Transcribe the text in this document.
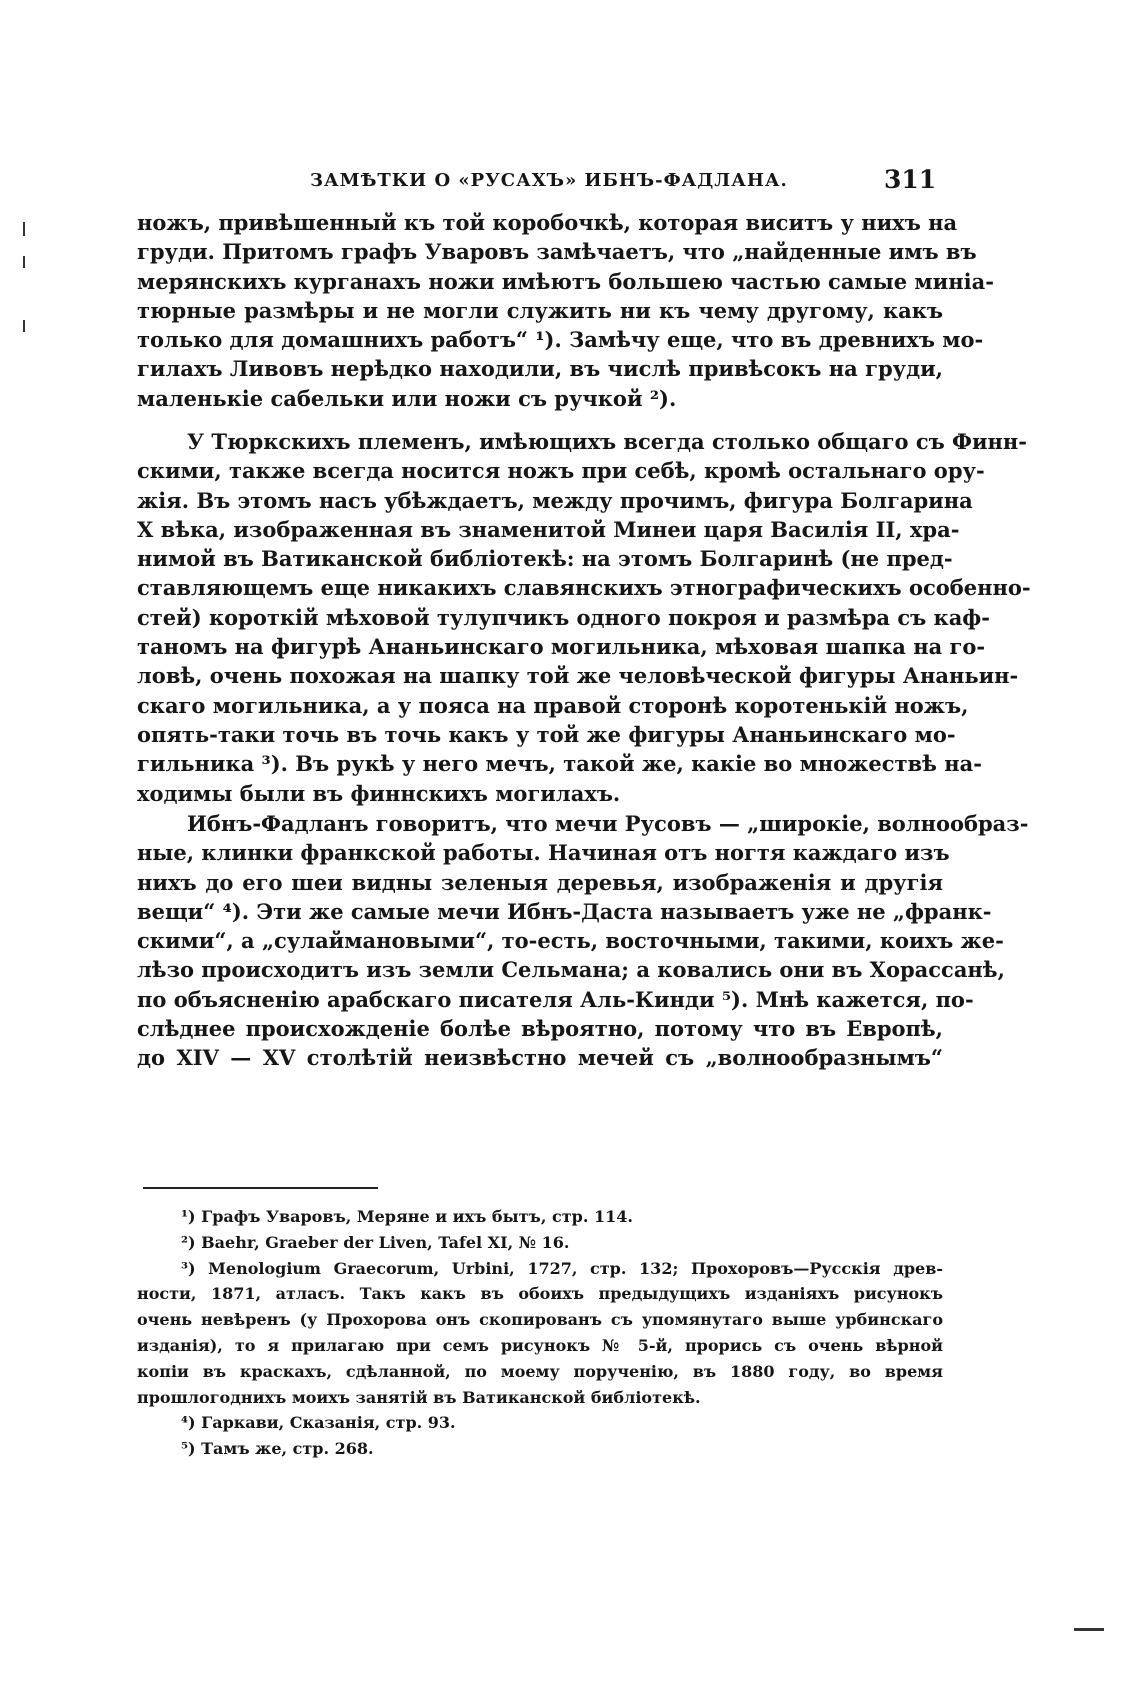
ЗАМѢТКИ О «РУСАХЪ» ИБНЪ-ФАДЛАНА.	311
ножъ, привѣшенный къ той коробочкѣ, которая виситъ у нихъ на
груди. Притомъ графъ Уваровъ замѣчаетъ, что „найденные имъ въ
мерянскихъ курганахъ ножи имѣютъ большею частью самые миніа-
тюрные размѣры и не могли служить ни къ чему другому, какъ
только для домашнихъ работъ“ ¹). Замѣчу еще, что въ древнихъ мо-
гилахъ Ливовъ нерѣдко находили, въ числѣ привѣсокъ на груди,
маленькіе сабельки или ножи съ ручкой ²).
У Тюркскихъ племенъ, имѣющихъ всегда столько общаго съ Финн-
скими, также всегда носится ножъ при себѣ, кромѣ остальнаго ору-
жія. Въ этомъ насъ убѣждаетъ, между прочимъ, фигура Болгарина
X вѣка, изображенная въ знаменитой Минеи царя Василія II, хра-
нимой въ Ватиканской библіотекѣ: на этомъ Болгаринѣ (не пред-
ставляющемъ еще никакихъ славянскихъ этнографическихъ особенно-
стей) короткій мѣховой тулупчикъ одного покроя и размѣра съ каф-
таномъ на фигурѣ Ананьинскаго могильника, мѣховая шапка на го-
ловѣ, очень похожая на шапку той же человѣческой фигуры Ананьин-
скаго могильника, а у пояса на правой сторонѣ коротенькій ножъ,
опять-таки точь въ точь какъ у той же фигуры Ананьинскаго мо-
гильника ³). Въ рукѣ у него мечъ, такой же, какіе во множествѣ на-
ходимы были въ финнскихъ могилахъ.
Ибнъ-Фадланъ говоритъ, что мечи Русовъ — „широкіе, волнообраз-
ные, клинки франкской работы. Начиная отъ ногтя каждаго изъ
нихъ до его шеи видны зеленыя деревья, изображенія и другія
вещи“ ⁴). Эти же самые мечи Ибнъ-Даста называетъ уже не „франк-
скими“, а „сулаймановыми“, то-есть, восточными, такими, коихъ же-
лѣзо происходитъ изъ земли Сельмана; а ковались они въ Хорассанѣ,
по объясненію арабскаго писателя Аль-Кинди ⁵). Мнѣ кажется, по-
слѣднее происхожденіе болѣе вѣроятно, потому что въ Европѣ,
до XIV — XV столѣтій неизвѣстно мечей съ „волнообразнымъ“
¹) Графъ Уваровъ, Меряне и ихъ бытъ, стр. 114.
²) Baehr, Graeber der Liven, Tafel XI, № 16.
³) Menologium Graecorum, Urbini, 1727, стр. 132; Прохоровъ—Русскія древ-
ности, 1871, атласъ. Такъ какъ въ обоихъ предыдущихъ изданіяхъ рисунокъ
очень невѣренъ (у Прохорова онъ скопированъ съ упомянутаго выше урбинскаго
изданія), то я прилагаю при семъ рисунокъ № 5-й, прорись съ очень вѣрной
копіи въ краскахъ, сдѣланной, по моему порученію, въ 1880 году, во время
прошлогоднихъ моихъ занятій въ Ватиканской библіотекѣ.
⁴) Гаркави, Сказанія, стр. 93.
⁵) Тамъ же, стр. 268.
